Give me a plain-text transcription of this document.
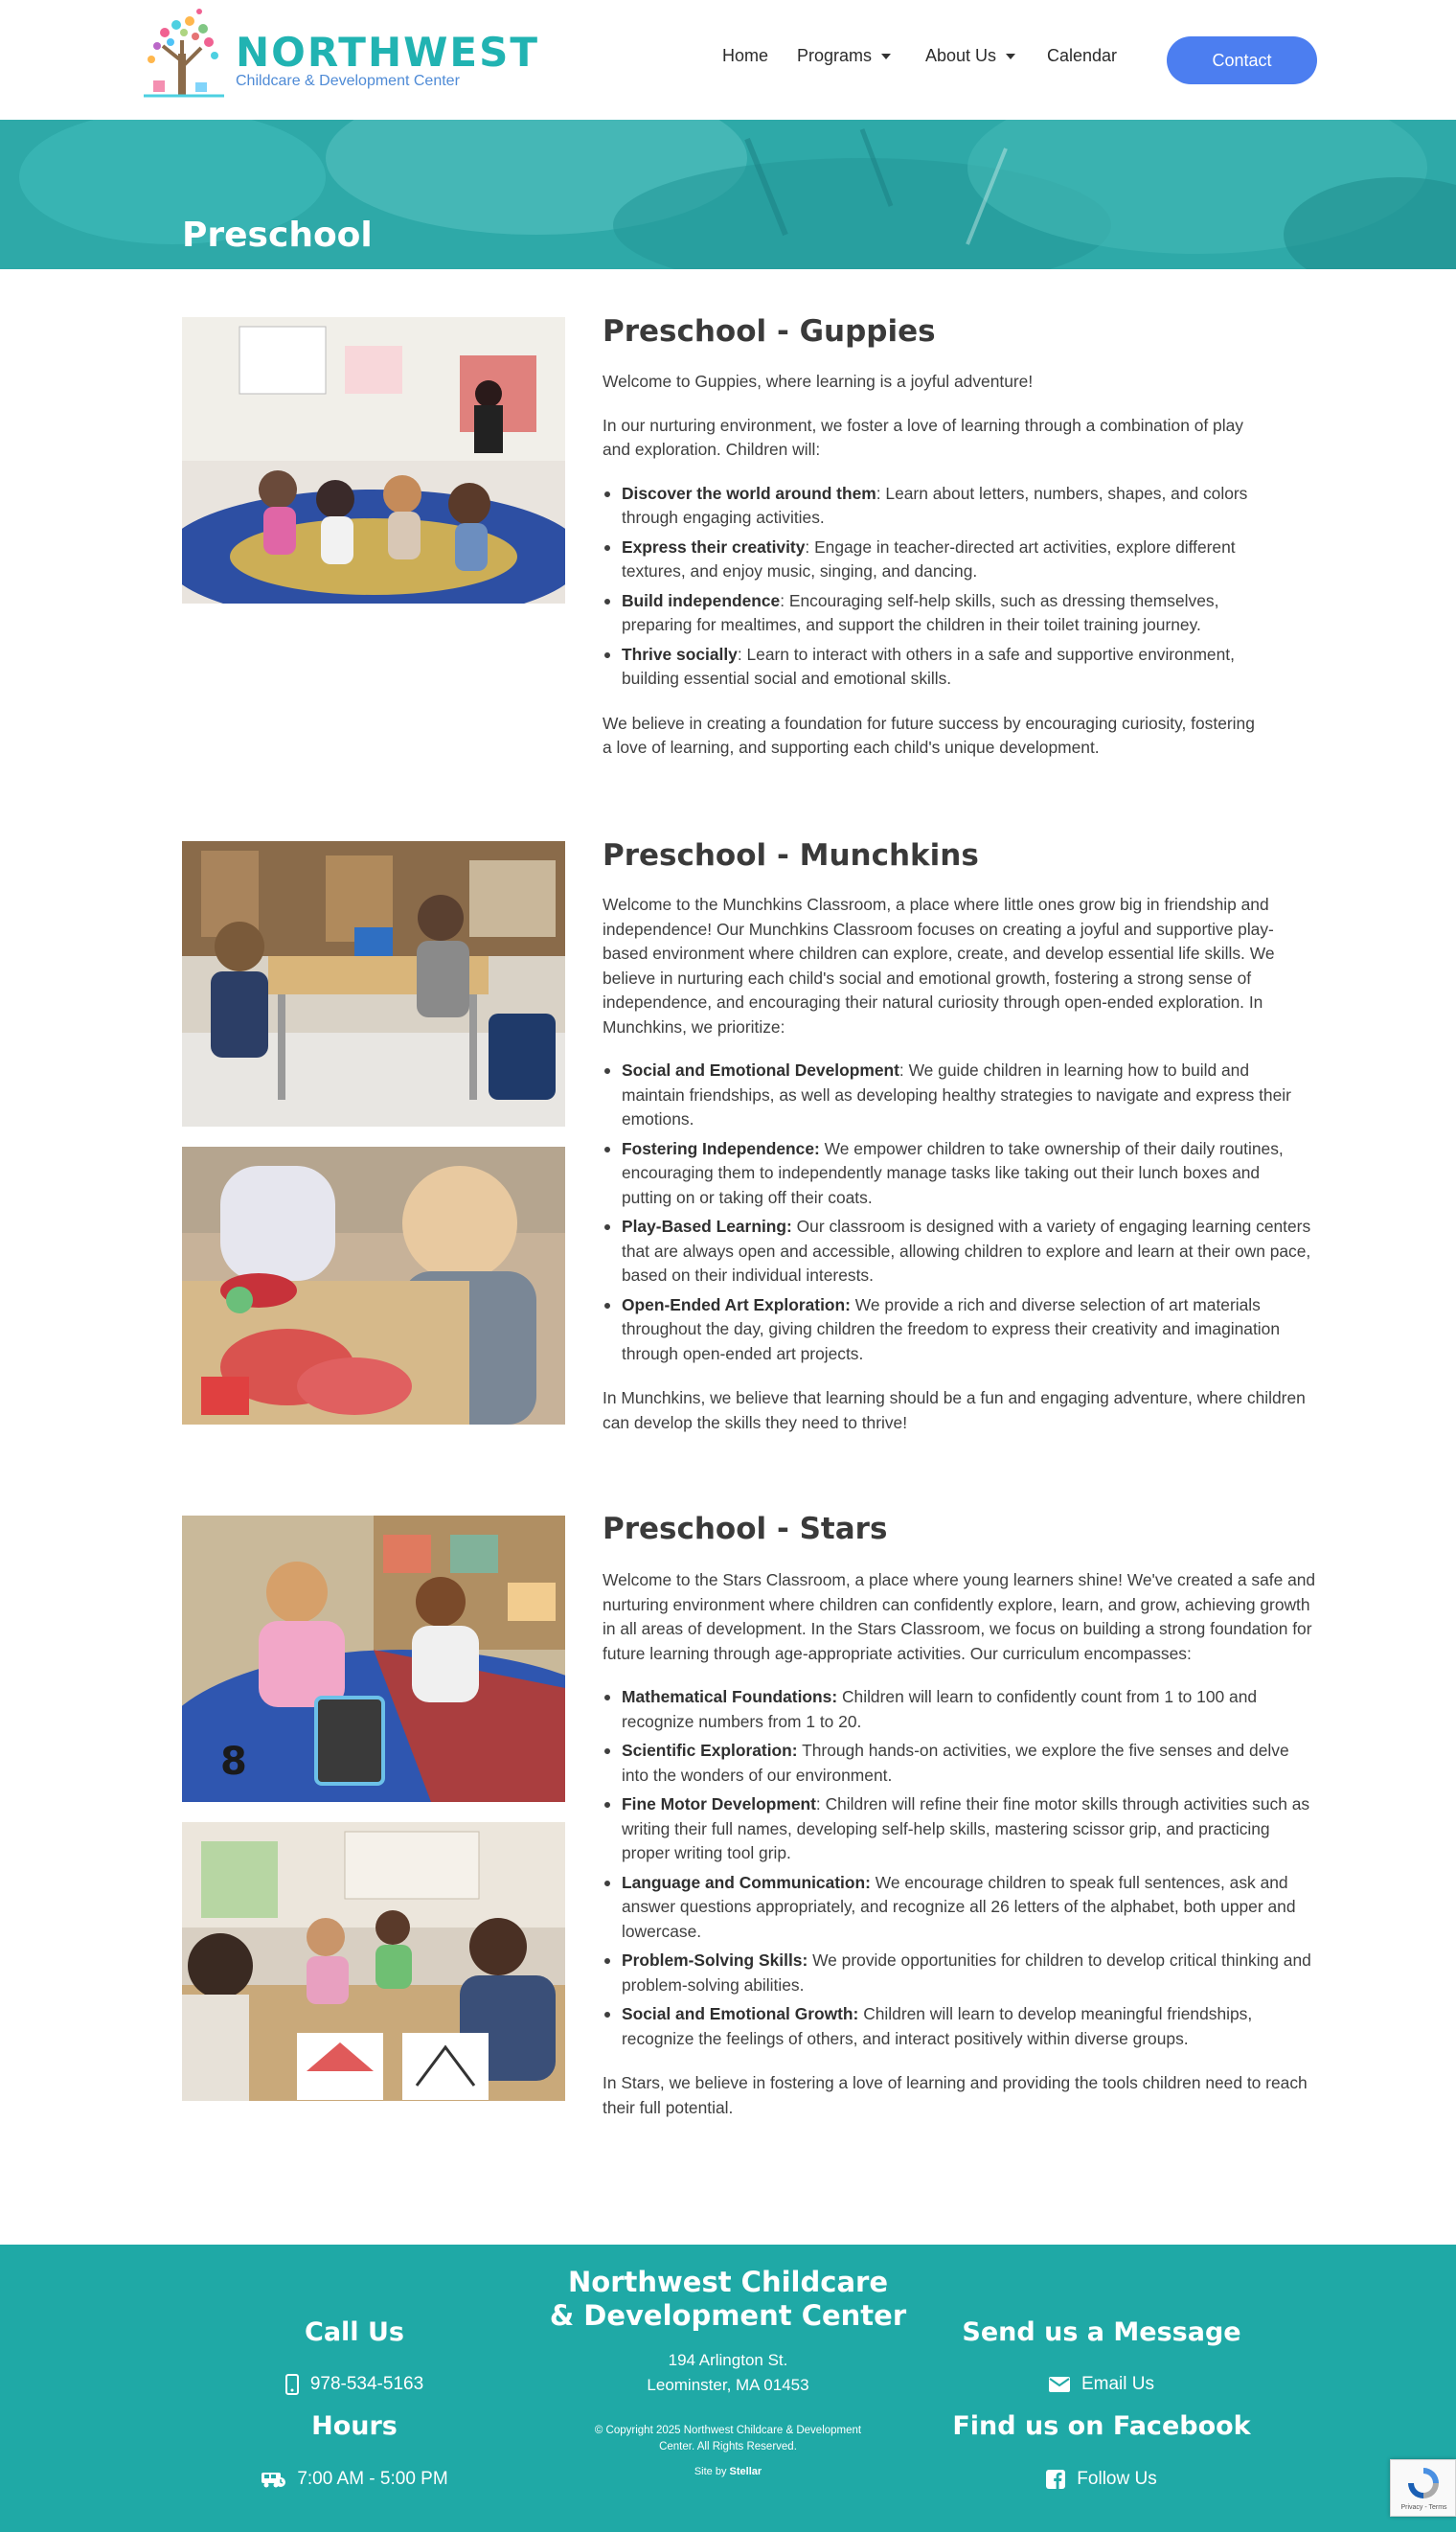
NORTHWEST
Childcare & Development Center
Home Programs	About Us	Calendar	Contact
Preschool
Preschool - Guppies

Welcome to Guppies, where learning is a joyful adventure!

In our nurturing environment, we foster a love of learning through a combination of play and exploration. Children will:

Discover the world around them: Learn about letters, numbers, shapes, and colors through engaging activities.
Express their creativity: Engage in teacher-directed art activities, explore different textures, and enjoy music, singing, and dancing.
Build independence: Encouraging self-help skills, such as dressing themselves, preparing for mealtimes, and support the children in their toilet training journey.
Thrive socially: Learn to interact with others in a safe and supportive environment, building essential social and emotional skills.

We believe in creating a foundation for future success by encouraging curiosity, fostering a love of learning, and supporting each child's unique development.

Preschool - Munchkins

Welcome to the Munchkins Classroom, a place where little ones grow big in friendship and independence! Our Munchkins Classroom focuses on creating a joyful and supportive play-based environment where children can explore, create, and develop essential life skills. We believe in nurturing each child's social and emotional growth, fostering a strong sense of independence, and encouraging their natural curiosity through open-ended exploration. In Munchkins, we prioritize:

Social and Emotional Development: We guide children in learning how to build and maintain friendships, as well as developing healthy strategies to navigate and express their emotions.
Fostering Independence: We empower children to take ownership of their daily routines, encouraging them to independently manage tasks like taking out their lunch boxes and putting on or taking off their coats.
Play-Based Learning: Our classroom is designed with a variety of engaging learning centers that are always open and accessible, allowing children to explore and learn at their own pace, based on their individual interests.
Open-Ended Art Exploration: We provide a rich and diverse selection of art materials throughout the day, giving children the freedom to express their creativity and imagination through open-ended art projects.

In Munchkins, we believe that learning should be a fun and engaging adventure, where children can develop the skills they need to thrive!

8
Preschool - Stars

Welcome to the Stars Classroom, a place where young learners shine! We've created a safe and nurturing environment where children can confidently explore, learn, and grow, achieving growth in all areas of development. In the Stars Classroom, we focus on building a strong foundation for future learning through age-appropriate activities. Our curriculum encompasses:

Mathematical Foundations: Children will learn to confidently count from 1 to 100 and recognize numbers from 1 to 20.
Scientific Exploration: Through hands-on activities, we explore the five senses and delve into the wonders of our environment.
Fine Motor Development: Children will refine their fine motor skills through activities such as writing their full names, developing self-help skills, mastering scissor grip, and practicing proper writing tool grip.
Language and Communication: We encourage children to speak full sentences, ask and answer questions appropriately, and recognize all 26 letters of the alphabet, both upper and lowercase.
Problem-Solving Skills: We provide opportunities for children to develop critical thinking and problem-solving abilities.
Social and Emotional Growth: Children will learn to develop meaningful friendships, recognize the feelings of others, and interact positively within diverse groups.

In Stars, we believe in fostering a love of learning and providing the tools children need to reach their full potential.

Call Us
978-534-5163
Hours
7:00 AM - 5:00 PM
Northwest Childcare
& Development Center
194 Arlington St.
Leominster, MA 01453
© Copyright 2025 Northwest Childcare & Development
Center. All Rights Reserved.
Site by Stellar
Send us a Message
Email Us
Find us on Facebook
Follow Us
Privacy - Terms
